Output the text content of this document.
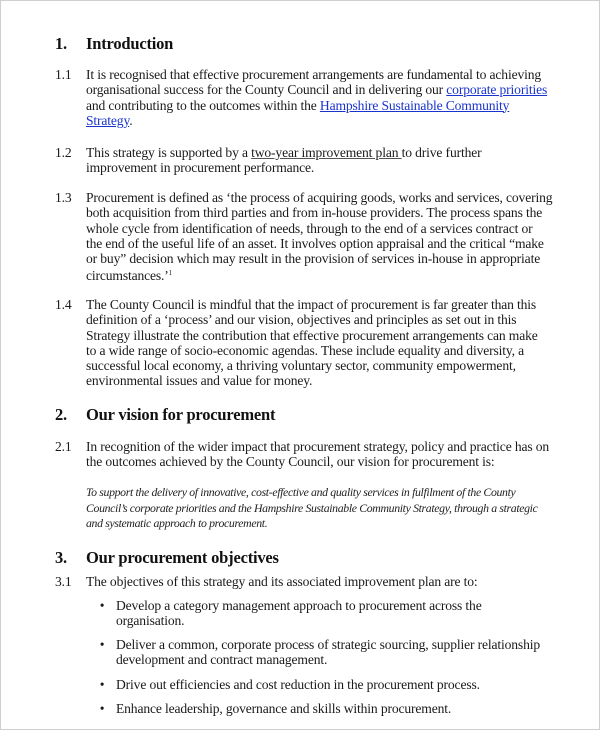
1. Introduction
1.1 It is recognised that effective procurement arrangements are fundamental to achieving
organisational success for the County Council and in delivering our corporate priorities
and contributing to the outcomes within the Hampshire Sustainable Community
Strategy.
1.2 This strategy is supported by a two-year improvement plan to drive further
improvement in procurement performance.
1.3 Procurement is defined as ‘the process of acquiring goods, works and services, covering
both acquisition from third parties and from in-house providers. The process spans the
whole cycle from identification of needs, through to the end of a services contract or
the end of the useful life of an asset. It involves option appraisal and the critical “make
or buy” decision which may result in the provision of services in-house in appropriate
circumstances.’$^1$
1.4 The County Council is mindful that the impact of procurement is far greater than this
definition of a ‘process’ and our vision, objectives and principles as set out in this
Strategy illustrate the contribution that effective procurement arrangements can make
to a wide range of socio-economic agendas. These include equality and diversity, a
successful local economy, a thriving voluntary sector, community empowerment,
environmental issues and value for money.
2. Our vision for procurement
2.1 In recognition of the wider impact that procurement strategy, policy and practice has on
the outcomes achieved by the County Council, our vision for procurement is:
To support the delivery of innovative, cost-effective and quality services in fulfilment of the County
Council’s corporate priorities and the Hampshire Sustainable Community Strategy, through a strategic
and systematic approach to procurement.
3. Our procurement objectives
3.1 The objectives of this strategy and its associated improvement plan are to:
• Develop a category management approach to procurement across the
organisation.
• Deliver a common, corporate process of strategic sourcing, supplier relationship
development and contract management.
• Drive out efficiencies and cost reduction in the procurement process.
• Enhance leadership, governance and skills within procurement.
